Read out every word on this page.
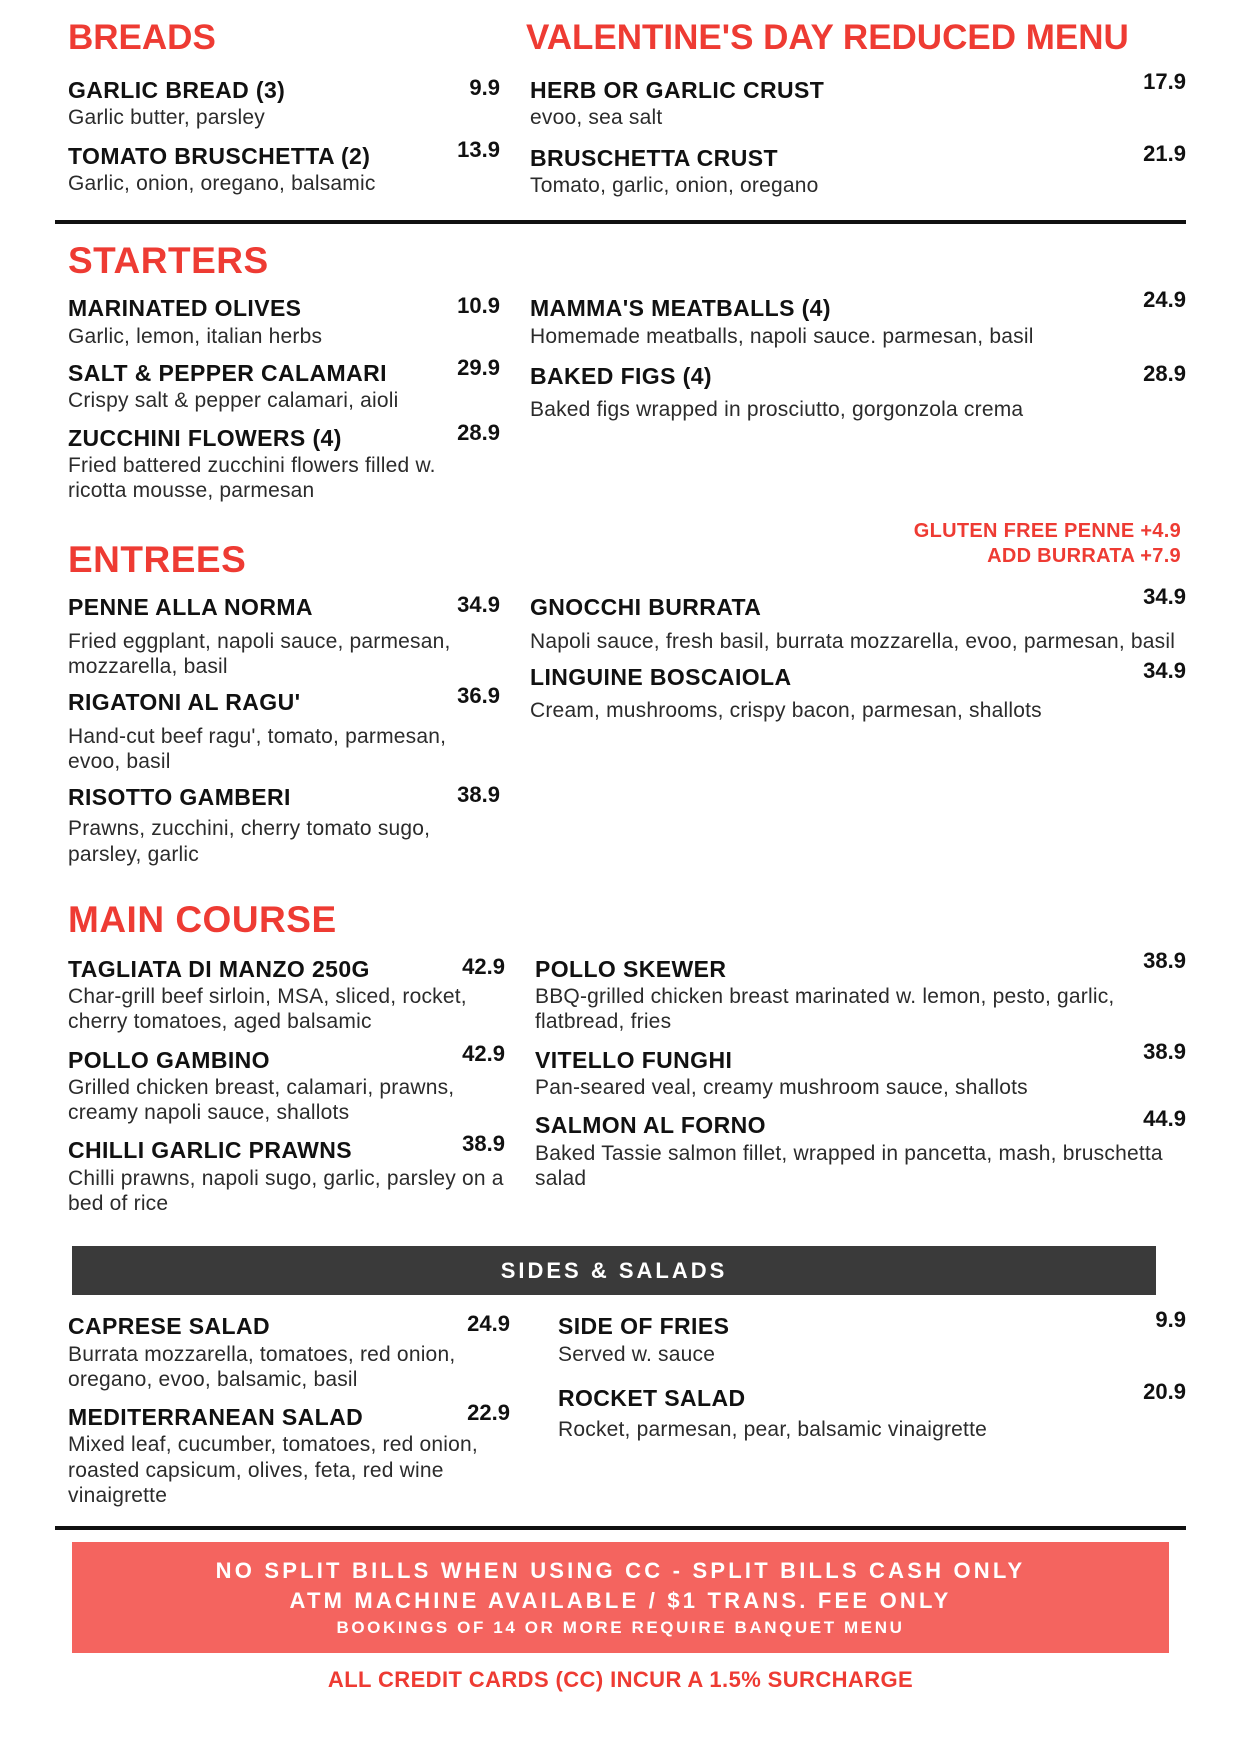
BREADS	VALENTINE'S DAY REDUCED MENU
GARLIC BREAD (3)	9.9
Garlic butter, parsley
TOMATO BRUSCHETTA (2)	13.9
Garlic, onion, oregano, balsamic
HERB OR GARLIC CRUST	17.9
evoo, sea salt
BRUSCHETTA CRUST	21.9
Tomato, garlic, onion, oregano
STARTERS
MARINATED OLIVES	10.9
Garlic, lemon, italian herbs
SALT & PEPPER CALAMARI	29.9
Crispy salt & pepper calamari, aioli
ZUCCHINI FLOWERS (4)	28.9
Fried battered zucchini flowers filled w. ricotta mousse, parmesan
MAMMA'S MEATBALLS (4)	24.9
Homemade meatballs, napoli sauce. parmesan, basil
BAKED FIGS (4)	28.9
Baked figs wrapped in prosciutto, gorgonzola crema
GLUTEN FREE PENNE +4.9
ADD BURRATA +7.9
ENTREES
PENNE ALLA NORMA	34.9
Fried eggplant, napoli sauce, parmesan, mozzarella, basil
RIGATONI AL RAGU'	36.9
Hand-cut beef ragu', tomato, parmesan, evoo, basil
RISOTTO GAMBERI	38.9
Prawns, zucchini, cherry tomato sugo, parsley, garlic
GNOCCHI BURRATA	34.9
Napoli sauce, fresh basil, burrata mozzarella, evoo, parmesan, basil
LINGUINE BOSCAIOLA	34.9
Cream, mushrooms, crispy bacon, parmesan, shallots
MAIN COURSE
TAGLIATA DI MANZO 250G	42.9
Char-grill beef sirloin, MSA, sliced, rocket, cherry tomatoes, aged balsamic
POLLO GAMBINO	42.9
Grilled chicken breast, calamari, prawns, creamy napoli sauce, shallots
CHILLI GARLIC PRAWNS	38.9
Chilli prawns, napoli sugo, garlic, parsley on a bed of rice
POLLO SKEWER	38.9
BBQ-grilled chicken breast marinated w. lemon, pesto, garlic, flatbread, fries
VITELLO FUNGHI	38.9
Pan-seared veal, creamy mushroom sauce, shallots
SALMON AL FORNO	44.9
Baked Tassie salmon fillet, wrapped in pancetta, mash, bruschetta salad
SIDES & SALADS
CAPRESE SALAD	24.9
Burrata mozzarella, tomatoes, red onion, oregano, evoo, balsamic, basil
MEDITERRANEAN SALAD	22.9
Mixed leaf, cucumber, tomatoes, red onion, roasted capsicum, olives, feta, red wine vinaigrette
SIDE OF FRIES	9.9
Served w. sauce
ROCKET SALAD	20.9
Rocket, parmesan, pear, balsamic vinaigrette
NO SPLIT BILLS WHEN USING CC - SPLIT BILLS CASH ONLY
ATM MACHINE AVAILABLE / $1 TRANS. FEE ONLY
BOOKINGS OF 14 OR MORE REQUIRE BANQUET MENU
ALL CREDIT CARDS (CC) INCUR A 1.5% SURCHARGE
